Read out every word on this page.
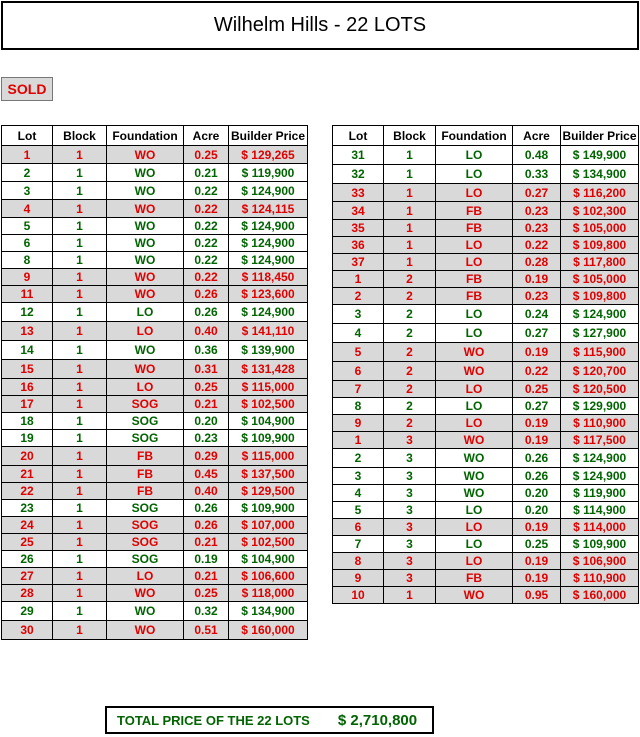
Wilhelm Hills - 22 LOTS
SOLD
Lot	Block	Foundation	Acre	Builder Price
1	1	WO	0.25	$ 129,265
2	1	WO	0.21	$ 119,900
3	1	WO	0.22	$ 124,900
4	1	WO	0.22	$ 124,115
5	1	WO	0.22	$ 124,900
6	1	WO	0.22	$ 124,900
8	1	WO	0.22	$ 124,900
9	1	WO	0.22	$ 118,450
11	1	WO	0.26	$ 123,600
12	1	LO	0.26	$ 124,900
13	1	LO	0.40	$ 141,110
14	1	WO	0.36	$ 139,900
15	1	WO	0.31	$ 131,428
16	1	LO	0.25	$ 115,000
17	1	SOG	0.21	$ 102,500
18	1	SOG	0.20	$ 104,900
19	1	SOG	0.23	$ 109,900
20	1	FB	0.29	$ 115,000
21	1	FB	0.45	$ 137,500
22	1	FB	0.40	$ 129,500
23	1	SOG	0.26	$ 109,900
24	1	SOG	0.26	$ 107,000
25	1	SOG	0.21	$ 102,500
26	1	SOG	0.19	$ 104,900
27	1	LO	0.21	$ 106,600
28	1	WO	0.25	$ 118,000
29	1	WO	0.32	$ 134,900
30	1	WO	0.51	$ 160,000
Lot	Block	Foundation	Acre	Builder Price
31	1	LO	0.48	$ 149,900
32	1	LO	0.33	$ 134,900
33	1	LO	0.27	$ 116,200
34	1	FB	0.23	$ 102,300
35	1	FB	0.23	$ 105,000
36	1	LO	0.22	$ 109,800
37	1	LO	0.28	$ 117,800
1	2	FB	0.19	$ 105,000
2	2	FB	0.23	$ 109,800
3	2	LO	0.24	$ 124,900
4	2	LO	0.27	$ 127,900
5	2	WO	0.19	$ 115,900
6	2	WO	0.22	$ 120,700
7	2	LO	0.25	$ 120,500
8	2	LO	0.27	$ 129,900
9	2	LO	0.19	$ 110,900
1	3	WO	0.19	$ 117,500
2	3	WO	0.26	$ 124,900
3	3	WO	0.26	$ 124,900
4	3	WO	0.20	$ 119,900
5	3	LO	0.20	$ 114,900
6	3	LO	0.19	$ 114,000
7	3	LO	0.25	$ 109,900
8	3	LO	0.19	$ 106,900
9	3	FB	0.19	$ 110,900
10	1	WO	0.95	$ 160,000
TOTAL PRICE OF THE 22 LOTS $ 2,710,800
